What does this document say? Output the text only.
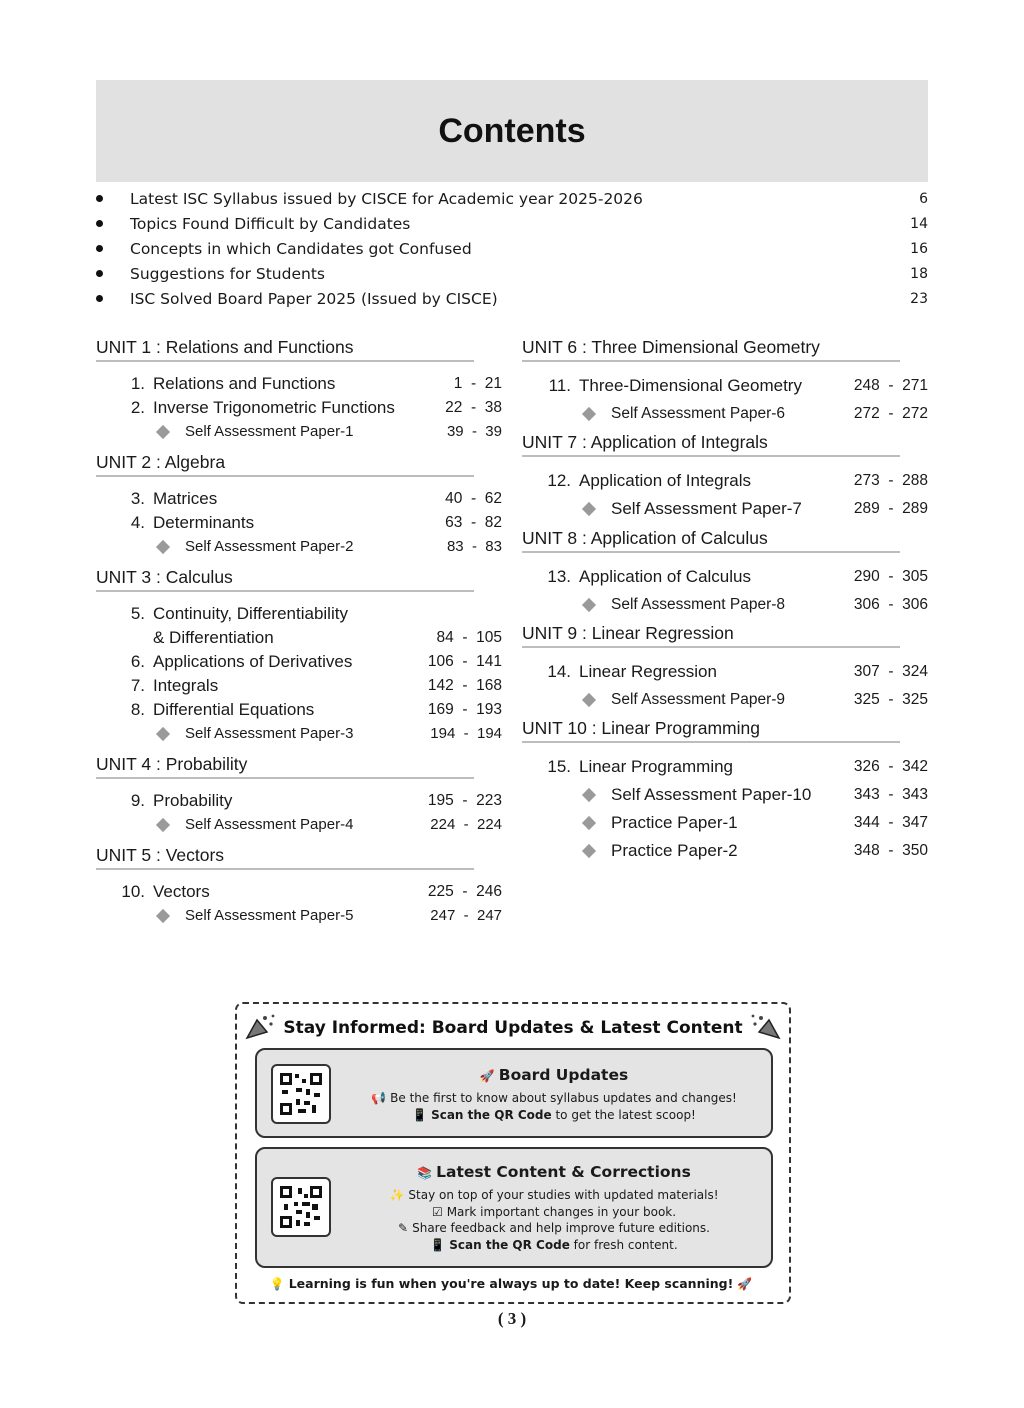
Contents
Latest ISC Syllabus issued by CISCE for Academic year 2025-2026	6
Topics Found Difficult by Candidates	14
Concepts in which Candidates got Confused	16
Suggestions for Students	18
ISC Solved Board Paper 2025 (Issued by CISCE)	23
UNIT 1 : Relations and Functions
1. Relations and Functions	1  -  21
2. Inverse Trigonometric Functions	22  -  38
Self Assessment Paper-1	39  -  39
UNIT 2 : Algebra
3. Matrices	40  -  62
4. Determinants	63  -  82
Self Assessment Paper-2	83  -  83
UNIT 3 : Calculus
5. Continuity, Differentiability
& Differentiation	84  -  105
6. Applications of Derivatives	106  -  141
7. Integrals	142  -  168
8. Differential Equations	169  -  193
Self Assessment Paper-3	194  -  194
UNIT 4 : Probability
9. Probability	195  -  223
Self Assessment Paper-4	224  -  224
UNIT 5 : Vectors
10. Vectors	225  -  246
Self Assessment Paper-5	247  -  247
UNIT 6 : Three Dimensional Geometry
11. Three-Dimensional Geometry	248  -  271
Self Assessment Paper-6	272  -  272
UNIT 7 : Application of Integrals
12. Application of Integrals	273  -  288
Self Assessment Paper-7	289  -  289
UNIT 8 : Application of Calculus
13. Application of Calculus	290  -  305
Self Assessment Paper-8	306  -  306
UNIT 9 : Linear Regression
14. Linear Regression	307  -  324
Self Assessment Paper-9	325  -  325
UNIT 10 : Linear Programming
15. Linear Programming	326  -  342
Self Assessment Paper-10	343  -  343
Practice Paper-1	344  -  347
Practice Paper-2	348  -  350
Stay Informed: Board Updates & Latest Content
🚀 Board Updates
📢 Be the first to know about syllabus updates and changes!
📱 Scan the QR Code to get the latest scoop!
📚 Latest Content & Corrections
✨ Stay on top of your studies with updated materials!
☑ Mark important changes in your book.
✎ Share feedback and help improve future editions.
📱 Scan the QR Code for fresh content.
💡 Learning is fun when you're always up to date! Keep scanning! 🚀
( 3 )
